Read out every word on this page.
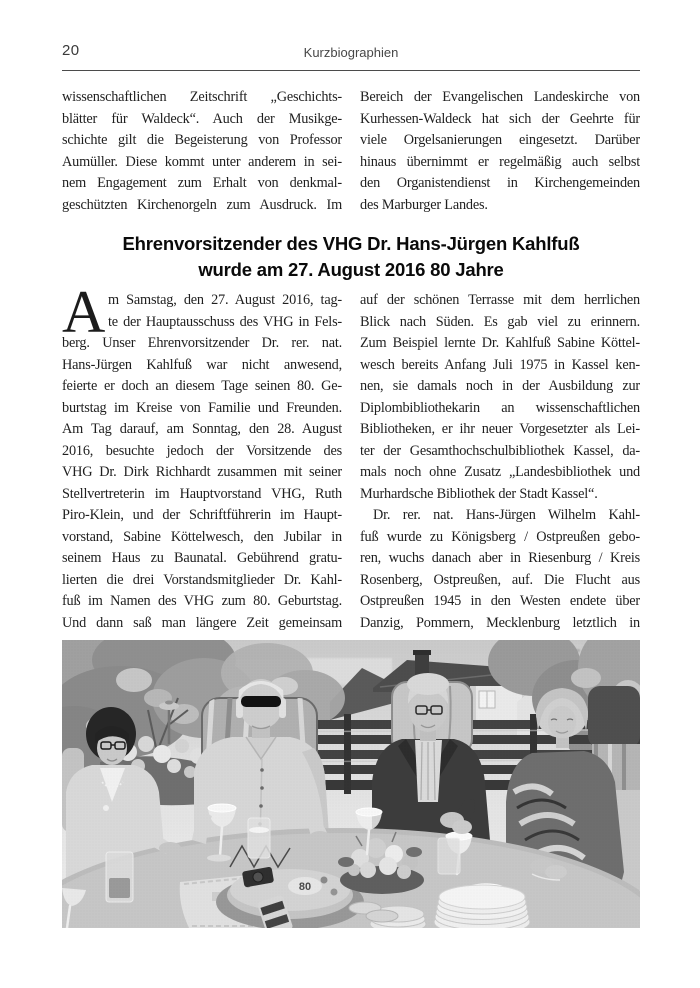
20	Kurzbiographien
wissenschaftlichen Zeitschrift „Geschichts-
blätter für Waldeck“. Auch der Musikge-
schichte gilt die Begeisterung von Professor
Aumüller. Diese kommt unter anderem in sei-
nem Engagement zum Erhalt von denkmal-
geschützten Kirchenorgeln zum Ausdruck. Im
Bereich der Evangelischen Landeskirche von
Kurhessen-Waldeck hat sich der Geehrte für
viele Orgelsanierungen eingesetzt. Darüber
hinaus übernimmt er regelmäßig auch selbst
den Organistendienst in Kirchengemeinden
des Marburger Landes.
Ehrenvorsitzender des VHG Dr. Hans-Jürgen Kahlfuß
wurde am 27. August 2016 80 Jahre
A m Samstag, den 27. August 2016, tag-
te der Hauptausschuss des VHG in Fels-
berg. Unser Ehrenvorsitzender Dr. rer. nat.
Hans-Jürgen Kahlfuß war nicht anwesend,
feierte er doch an diesem Tage seinen 80. Ge-
burtstag im Kreise von Familie und Freunden.
Am Tag darauf, am Sonntag, den 28. August
2016, besuchte jedoch der Vorsitzende des
VHG Dr. Dirk Richhardt zusammen mit seiner
Stellvertreterin im Hauptvorstand VHG, Ruth
Piro-Klein, und der Schriftführerin im Haupt-
vorstand, Sabine Köttelwesch, den Jubilar in
seinem Haus zu Baunatal. Gebührend gratu-
lierten die drei Vorstandsmitglieder Dr. Kahl-
fuß im Namen des VHG zum 80. Geburtstag.
Und dann saß man längere Zeit gemeinsam
auf der schönen Terrasse mit dem herrlichen
Blick nach Süden. Es gab viel zu erinnern.
Zum Beispiel lernte Dr. Kahlfuß Sabine Köttel-
wesch bereits Anfang Juli 1975 in Kassel ken-
nen, sie damals noch in der Ausbildung zur
Diplombibliothekarin an wissenschaftlichen
Bibliotheken, er ihr neuer Vorgesetzter als Lei-
ter der Gesamthochschulbibliothek Kassel, da-
mals noch ohne Zusatz „Landesbibliothek und
Murhardsche Bibliothek der Stadt Kassel“.
Dr. rer. nat. Hans-Jürgen Wilhelm Kahl-
fuß wurde zu Königsberg / Ostpreußen gebo-
ren, wuchs danach aber in Riesenburg / Kreis
Rosenberg, Ostpreußen, auf. Die Flucht aus
Ostpreußen 1945 in den Westen endete über
Danzig, Pommern, Mecklenburg letztlich in
